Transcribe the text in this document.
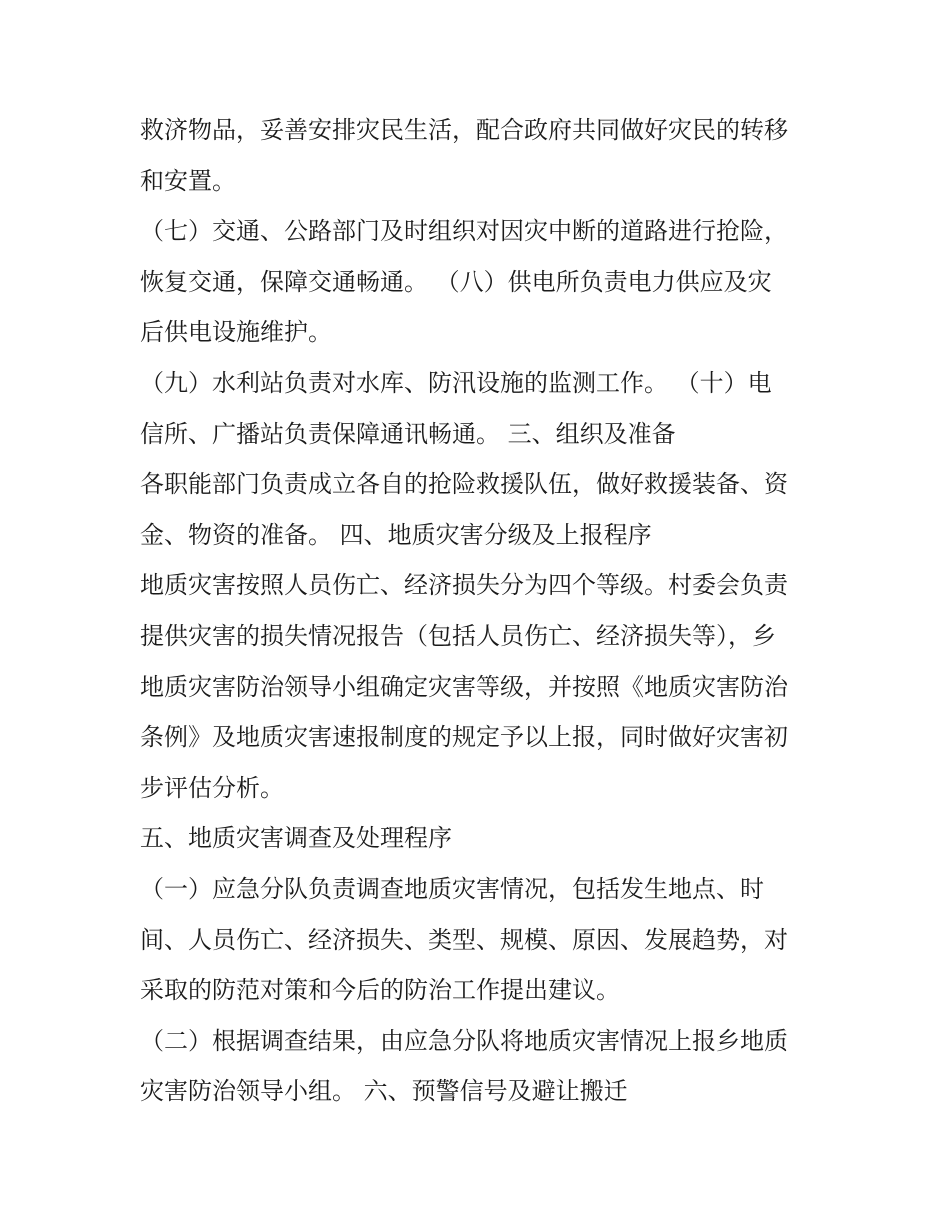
救济物品，妥善安排灾民生活，配合政府共同做好灾民的转移
和安置。
（七）交通、公路部门及时组织对因灾中断的道路进行抢险，
恢复交通，保障交通畅通。 （八）供电所负责电力供应及灾
后供电设施维护。
（九）水利站负责对水库、防汛设施的监测工作。 （十）电
信所、广播站负责保障通讯畅通。 三、组织及准备
各职能部门负责成立各自的抢险救援队伍，做好救援装备、资
金、物资的准备。 四、地质灾害分级及上报程序
地质灾害按照人员伤亡、经济损失分为四个等级。村委会负责
提供灾害的损失情况报告（包括人员伤亡、经济损失等），乡
地质灾害防治领导小组确定灾害等级，并按照《地质灾害防治
条例》及地质灾害速报制度的规定予以上报，同时做好灾害初
步评估分析。
五、地质灾害调查及处理程序
（一）应急分队负责调查地质灾害情况，包括发生地点、时
间、人员伤亡、经济损失、类型、规模、原因、发展趋势，对
采取的防范对策和今后的防治工作提出建议。
（二）根据调查结果，由应急分队将地质灾害情况上报乡地质
灾害防治领导小组。 六、预警信号及避让搬迁
